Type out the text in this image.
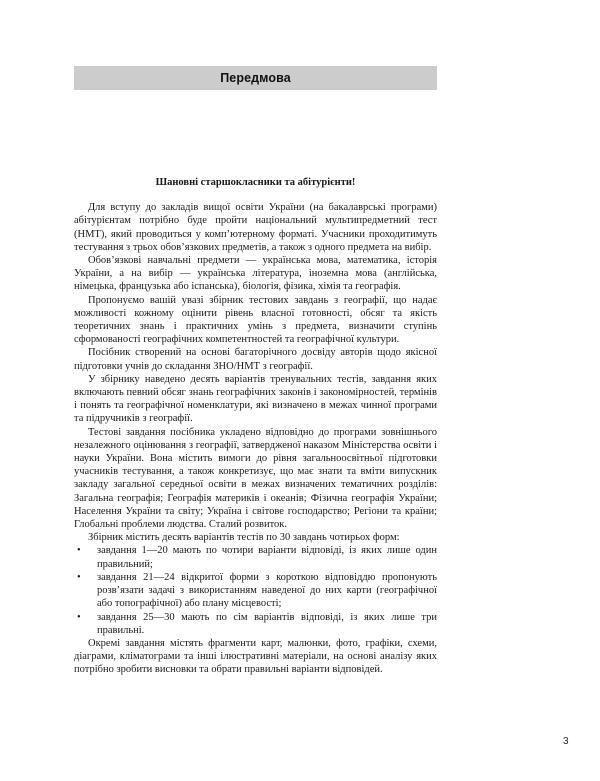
Передмова
Шановні старшокласники та абітурієнти!

Для вступу до закладів вищої освіти України (на бакалаврські програми) абітурієнтам потрібно буде пройти національний мультипредметний тест (НМТ), який проводиться у комп’ютерному форматі. Учасники проходитимуть тестування з трьох обов’язкових предметів, а також з одного предмета на вибір.

Обов’язкові навчальні предмети — українська мова, математика, історія України, а на вибір — українська література, іноземна мова (англійська, німецька, французька або іспанська), біологія, фізика, хімія та географія.

Пропонуємо вашій увазі збірник тестових завдань з географії, що надає можливості кожному оцінити рівень власної готовності, обсяг та якість теоретичних знань і практичних умінь з предмета, визначити ступінь сформованості географічних компетентностей та географічної культури.

Посібник створений на основі багаторічного досвіду авторів щодо якісної підготовки учнів до складання ЗНО/НМТ з географії.

У збірнику наведено десять варіантів тренувальних тестів, завдання яких включають певний обсяг знань географічних законів і закономірностей, термінів і понять та географічної номенклатури, які визначено в межах чинної програми та підручників з географії.

Тестові завдання посібника укладено відповідно до програми зовнішнього незалежного оцінювання з географії, затвердженої наказом Міністерства освіти і науки України. Вона містить вимоги до рівня загальноосвітньої підготовки учасників тестування, а також конкретизує, що має знати та вміти випускник закладу загальної середньої освіти в межах визначених тематичних розділів: Загальна географія; Географія материків і океанів; Фізична географія України; Населення України та світу; Україна і світове господарство; Регіони та країни; Глобальні проблеми людства. Сталий розвиток.

Збірник містить десять варіантів тестів по 30 завдань чотирьох форм:

• завдання 1—20 мають по чотири варіанти відповіді, із яких лише один правильний;
• завдання 21—24 відкритої форми з короткою відповіддю пропонують розв’язати задачі з використанням наведеної до них карти (географічної або топографічної) або плану місцевості;
• завдання 25—30 мають по сім варіантів відповіді, із яких лише три правильні.

Окремі завдання містять фрагменти карт, малюнки, фото, графіки, схеми, діаграми, кліматограми та інші ілюстративні матеріали, на основі аналізу яких потрібно зробити висновки та обрати правильні варіанти відповідей.

3
